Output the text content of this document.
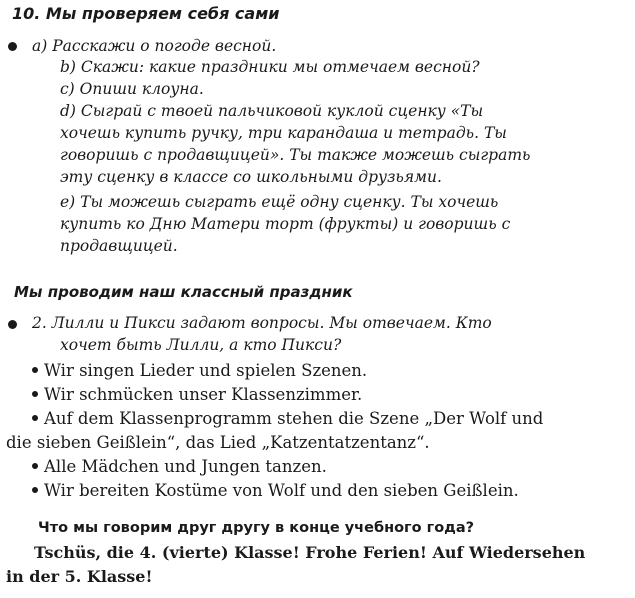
10. Мы проверяем себя сами
a) Расскажи о погоде весной.
b) Скажи: какие праздники мы отмечаем весной?
c) Опиши клоуна.
d) Сыграй с твоей пальчиковой куклой сценку «Ты
хочешь купить ручку, три карандаша и тетрадь. Ты
говоришь с продавщицей». Ты также можешь сыграть
эту сценку в классе со школьными друзьями.
e) Ты можешь сыграть ещё одну сценку. Ты хочешь
купить ко Дню Матери торт (фрукты) и говоришь с
продавщицей.
Мы проводим наш классный праздник
2. Лилли и Пикси задают вопросы. Мы отвечаем. Кто
хочет быть Лилли, а кто Пикси?
Wir singen Lieder und spielen Szenen.
Wir schmücken unser Klassenzimmer.
Auf dem Klassenprogramm stehen die Szene „Der Wolf und
die sieben Geißlein“, das Lied „Katzentatzentanz“.
Alle Mädchen und Jungen tanzen.
Wir bereiten Kostüme von Wolf und den sieben Geißlein.
Что мы говорим друг другу в конце учебного года?
Tschüs, die 4. (vierte) Klasse! Frohe Ferien! Auf Wiedersehen
in der 5. Klasse!
